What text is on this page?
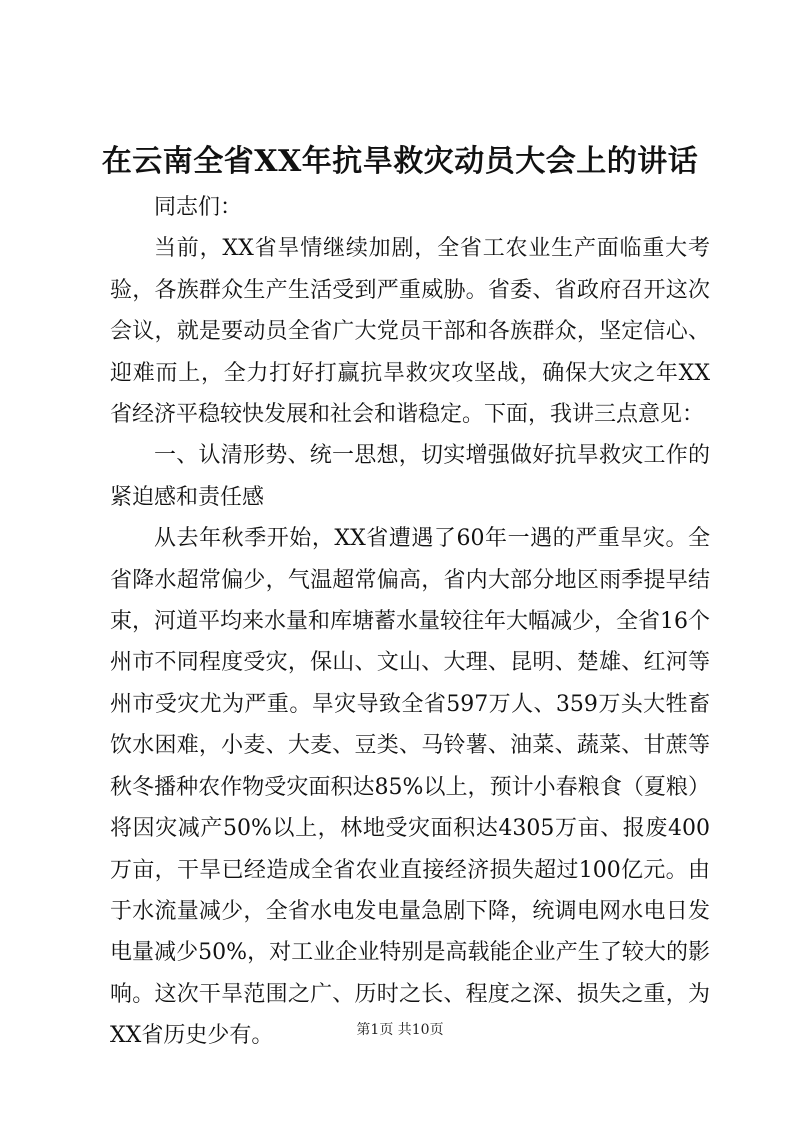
在云南全省XX年抗旱救灾动员大会上的讲话

同志们：

当前，XX省旱情继续加剧，全省工农业生产面临重大考验，各族群众生产生活受到严重威胁。省委、省政府召开这次会议，就是要动员全省广大党员干部和各族群众，坚定信心、迎难而上，全力打好打赢抗旱救灾攻坚战，确保大灾之年XX省经济平稳较快发展和社会和谐稳定。下面，我讲三点意见：

一、认清形势、统一思想，切实增强做好抗旱救灾工作的紧迫感和责任感

从去年秋季开始，XX省遭遇了60年一遇的严重旱灾。全省降水超常偏少，气温超常偏高，省内大部分地区雨季提早结束，河道平均来水量和库塘蓄水量较往年大幅减少，全省16个州市不同程度受灾，保山、文山、大理、昆明、楚雄、红河等州市受灾尤为严重。旱灾导致全省597万人、359万头大牲畜饮水困难，小麦、大麦、豆类、马铃薯、油菜、蔬菜、甘蔗等秋冬播种农作物受灾面积达85%以上，预计小春粮食（夏粮）将因灾减产50%以上，林地受灾面积达4305万亩、报废400万亩，干旱已经造成全省农业直接经济损失超过100亿元。由于水流量减少，全省水电发电量急剧下降，统调电网水电日发电量减少50%，对工业企业特别是高载能企业产生了较大的影响。这次干旱范围之广、历时之长、程度之深、损失之重，为XX省历史少有。	第1页 共10页
